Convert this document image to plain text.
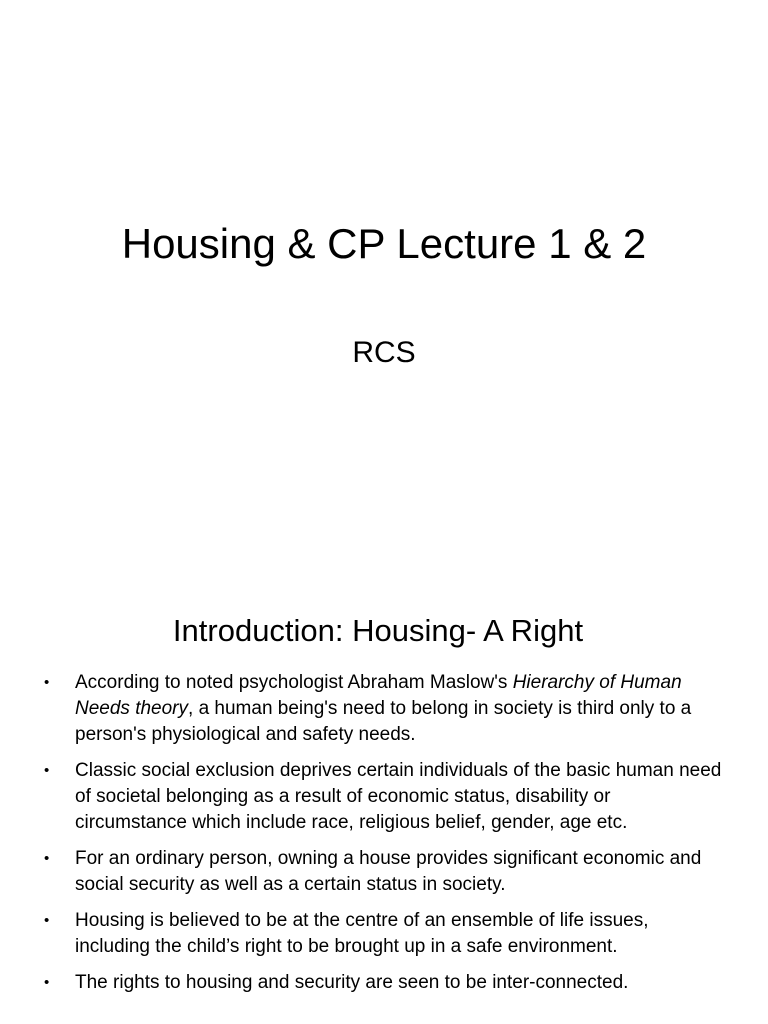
Housing & CP Lecture 1 & 2
RCS
Introduction: Housing- A Right
• According to noted psychologist Abraham Maslow's Hierarchy of Human Needs theory, a human being's need to belong in society is third only to a person's physiological and safety needs.
• Classic social exclusion deprives certain individuals of the basic human need of societal belonging as a result of economic status, disability or circumstance which include race, religious belief, gender, age etc.
• For an ordinary person, owning a house provides significant economic and social security as well as a certain status in society.
• Housing is believed to be at the centre of an ensemble of life issues, including the child’s right to be brought up in a safe environment.
• The rights to housing and security are seen to be inter-connected.
